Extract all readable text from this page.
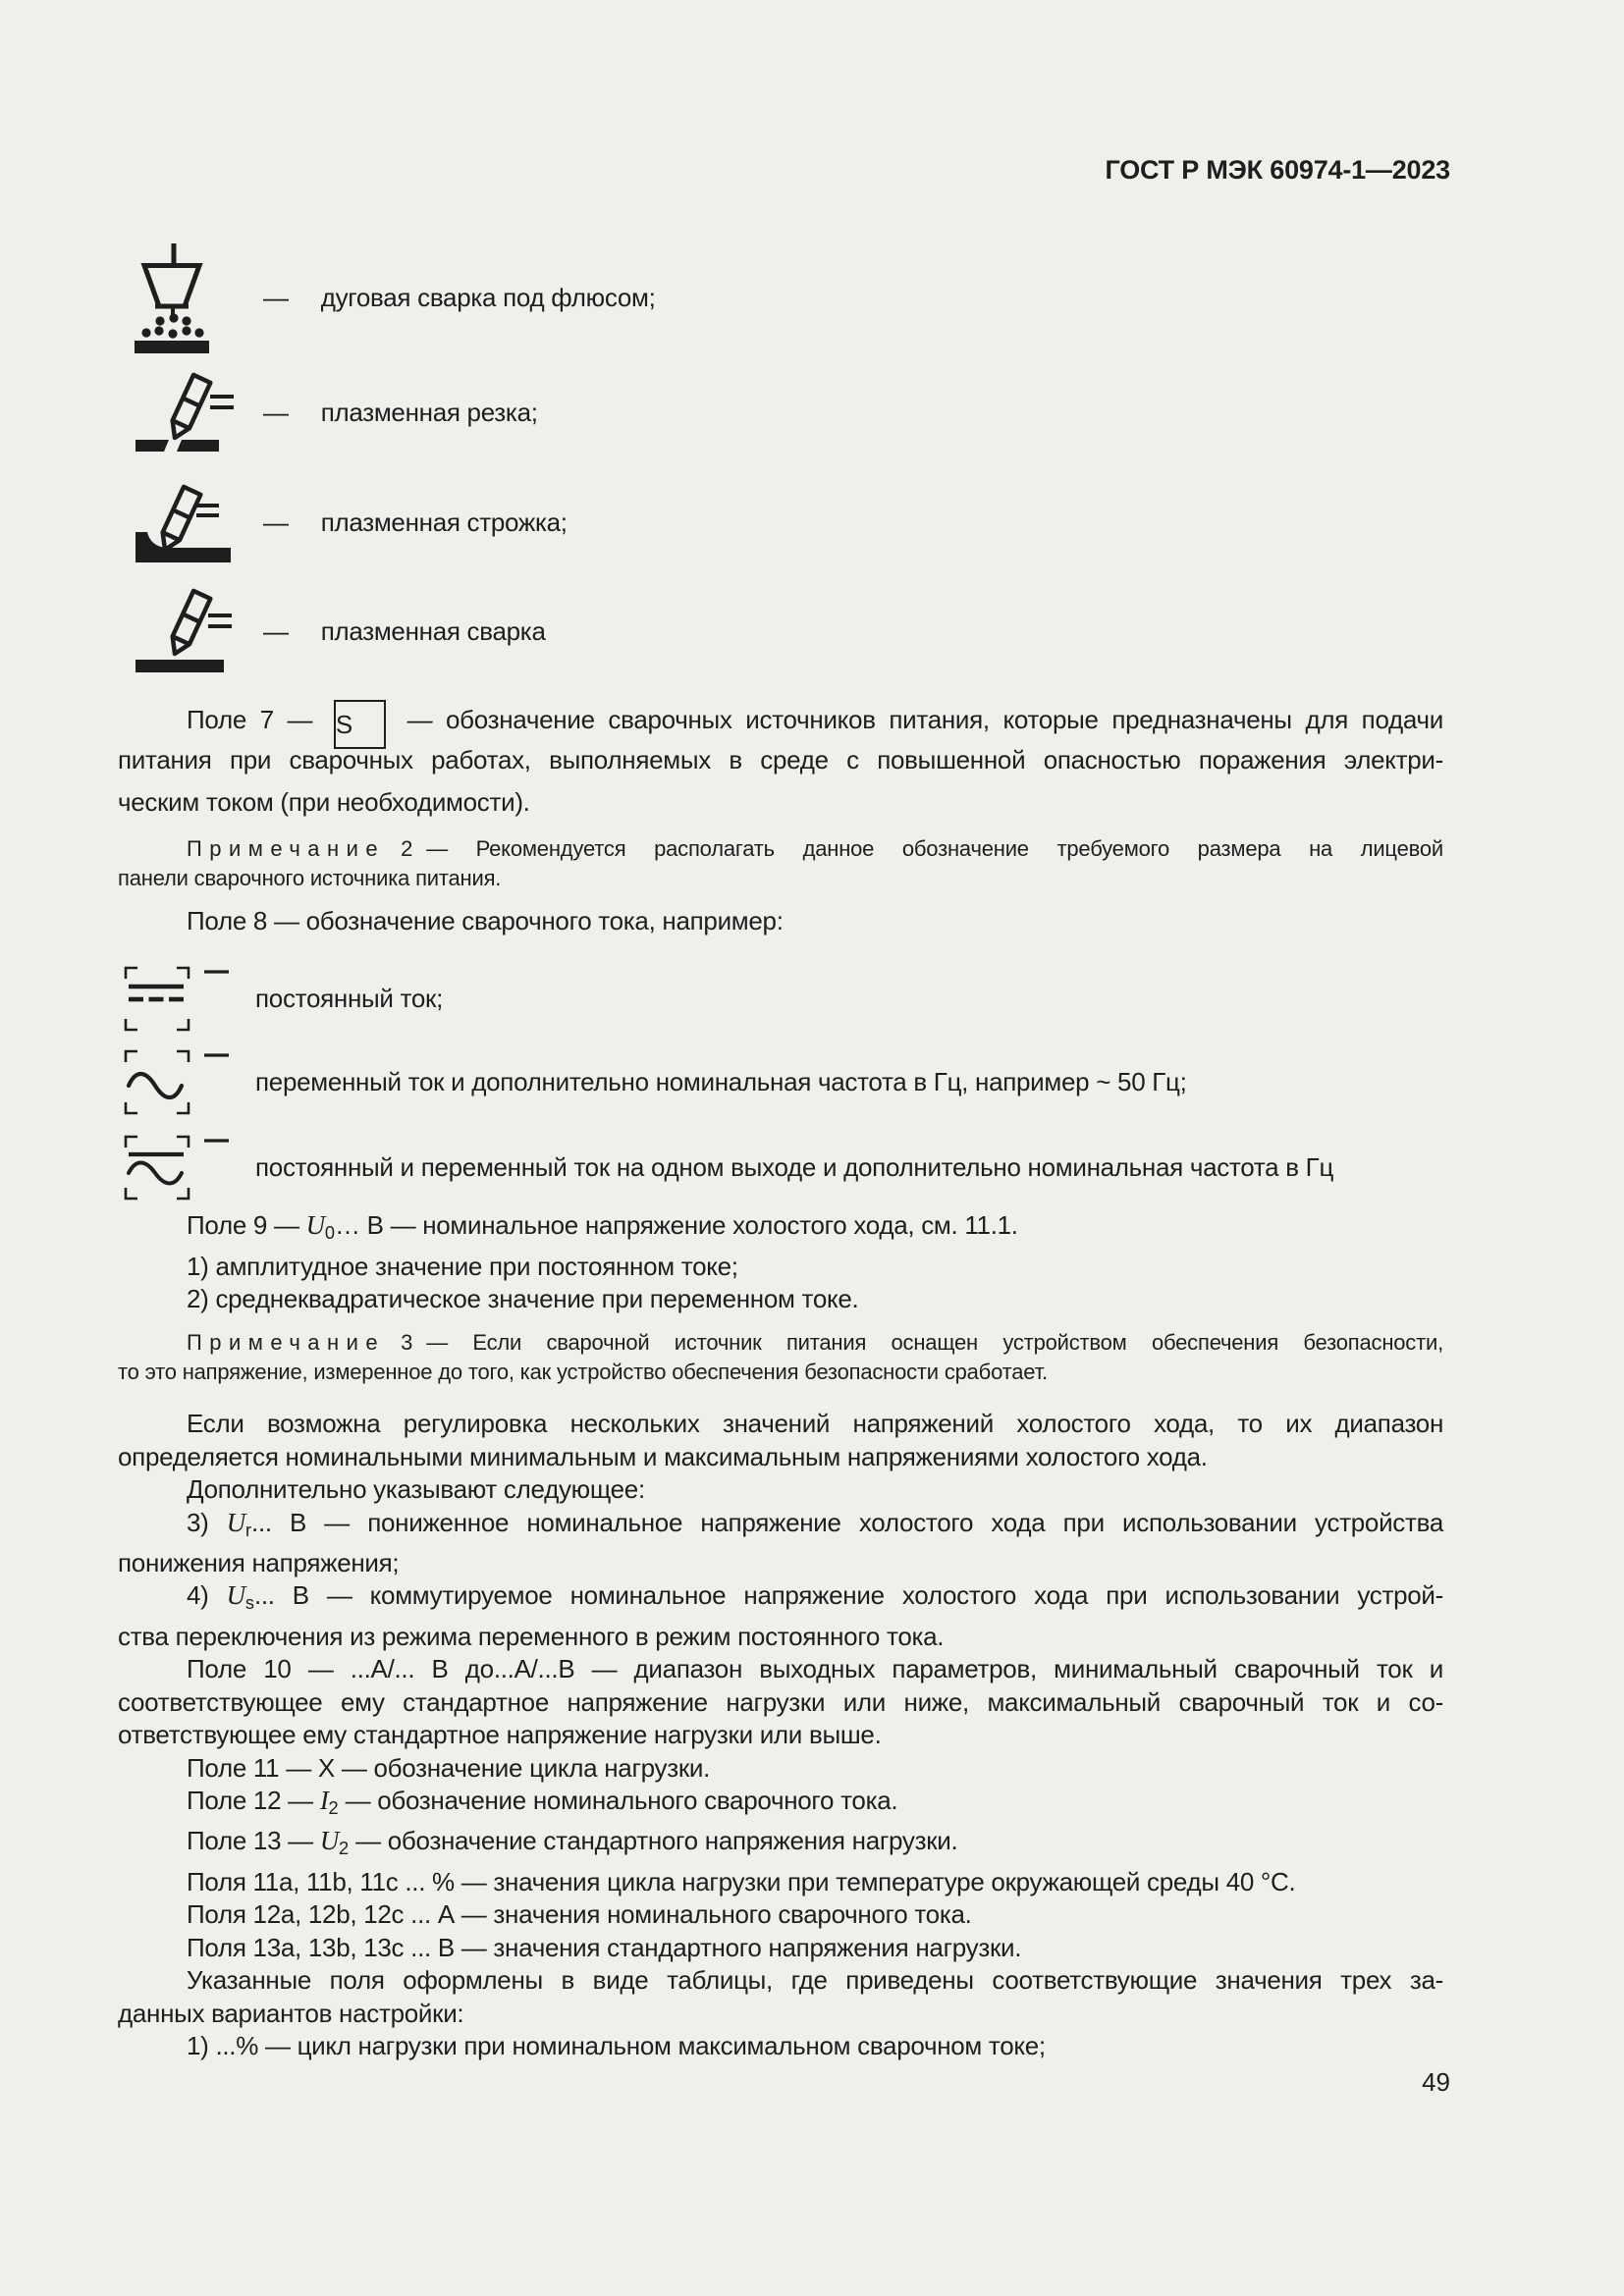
ГОСТ Р МЭК 60974-1—2023
— дуговая сварка под флюсом;
— плазменная резка;
— плазменная строжка;
— плазменная сварка
Поле 7 — S — обозначение сварочных источников питания, которые предназначены для подачи
питания при сварочных работах, выполняемых в среде с повышенной опасностью поражения электри-
ческим током (при необходимости).
Примечание 2 — Рекомендуется располагать данное обозначение требуемого размера на лицевой
панели сварочного источника питания.
Поле 8 — обозначение сварочного тока, например:
постоянный ток;
переменный ток и дополнительно номинальная частота в Гц, например ~ 50 Гц;
постоянный и переменный ток на одном выходе и дополнительно номинальная частота в Гц
Поле 9 — $U_0\dots$ В — номинальное напряжение холостого хода, см. 11.1.
1) амплитудное значение при постоянном токе;
2) среднеквадратическое значение при переменном токе.
Примечание 3 — Если сварочной источник питания оснащен устройством обеспечения безопасности,
то это напряжение, измеренное до того, как устройство обеспечения безопасности сработает.
Если возможна регулировка нескольких значений напряжений холостого хода, то их диапазон
определяется номинальными минимальным и максимальным напряжениями холостого хода.
Дополнительно указывают следующее:
3) $U_r$... В — пониженное номинальное напряжение холостого хода при использовании устройства
понижения напряжения;
4) $U_s$... В — коммутируемое номинальное напряжение холостого хода при использовании устрой-
ства переключения из режима переменного в режим постоянного тока.
Поле 10 — ...А/... В до...А/...В — диапазон выходных параметров, минимальный сварочный ток и
соответствующее ему стандартное напряжение нагрузки или ниже, максимальный сварочный ток и со-
ответствующее ему стандартное напряжение нагрузки или выше.
Поле 11 — X — обозначение цикла нагрузки.
Поле 12 — $I_2$ — обозначение номинального сварочного тока.
Поле 13 — $U_2$ — обозначение стандартного напряжения нагрузки.
Поля 11a, 11b, 11c ... % — значения цикла нагрузки при температуре окружающей среды 40 °С.
Поля 12a, 12b, 12c ... А — значения номинального сварочного тока.
Поля 13a, 13b, 13c ... В — значения стандартного напряжения нагрузки.
Указанные поля оформлены в виде таблицы, где приведены соответствующие значения трех за-
данных вариантов настройки:
1) ...% — цикл нагрузки при номинальном максимальном сварочном токе;
49
